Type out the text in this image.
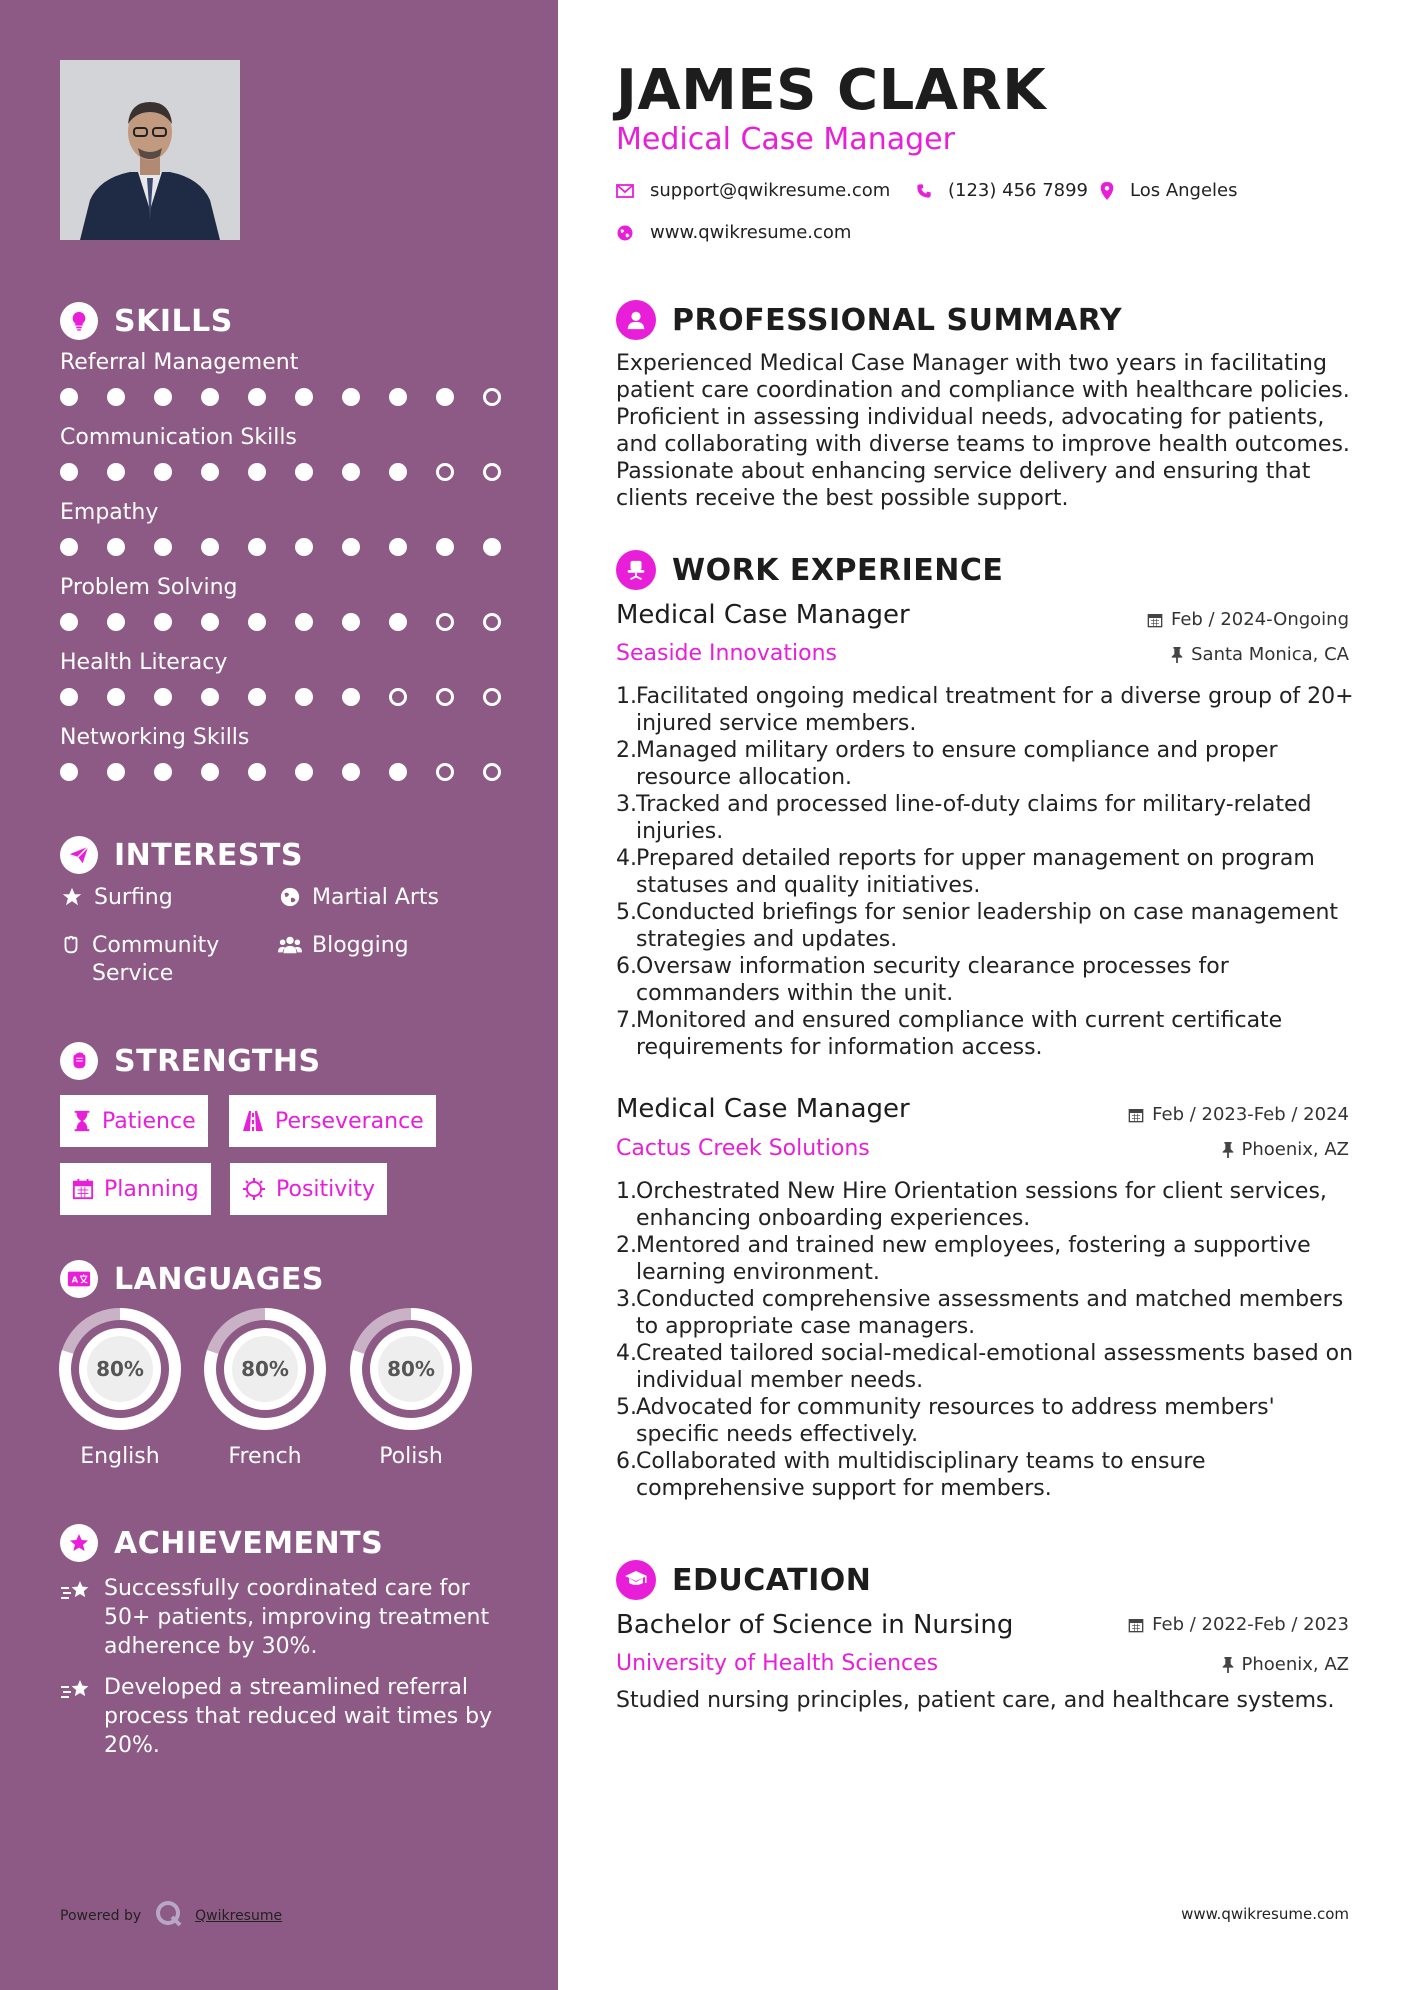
SKILLS
Referral Management
Communication Skills
Empathy
Problem Solving
Health Literacy
Networking Skills
INTERESTS
Surfing	Martial Arts
Community Service
Blogging
STRENGTHS
Patience	Perseverance
Planning	Positivity
A LANGUAGES
80%
English
80%
French
80%
Polish
ACHIEVEMENTS
Successfully coordinated care for 50+ patients, improving treatment adherence by 30%.
Developed a streamlined referral process that reduced wait times by 20%.
Powered by	Qwikresume
JAMES CLARK
Medical Case Manager
support@qwikresume.com	(123) 456 7899 Los Angeles
www.qwikresume.com
PROFESSIONAL SUMMARY
Experienced Medical Case Manager with two years in facilitating patient care coordination and compliance with healthcare policies. Proficient in assessing individual needs, advocating for patients, and collaborating with diverse teams to improve health outcomes. Passionate about enhancing service delivery and ensuring that clients receive the best possible support.
WORK EXPERIENCE
Medical Case Manager	Feb / 2024-Ongoing
Seaside Innovations	Santa Monica, CA
1. Facilitated ongoing medical treatment for a diverse group of 20+ injured service members.
2. Managed military orders to ensure compliance and proper resource allocation.
3. Tracked and processed line-of-duty claims for military-related injuries.
4. Prepared detailed reports for upper management on program statuses and quality initiatives.
5. Conducted briefings for senior leadership on case management strategies and updates.
6. Oversaw information security clearance processes for commanders within the unit.
7. Monitored and ensured compliance with current certificate requirements for information access.
Medical Case Manager	Feb / 2023-Feb / 2024
Cactus Creek Solutions	Phoenix, AZ
1. Orchestrated New Hire Orientation sessions for client services, enhancing onboarding experiences.
2. Mentored and trained new employees, fostering a supportive learning environment.
3. Conducted comprehensive assessments and matched members to appropriate case managers.
4. Created tailored social-medical-emotional assessments based on individual member needs.
5. Advocated for community resources to address members' specific needs effectively.
6. Collaborated with multidisciplinary teams to ensure comprehensive support for members.
EDUCATION
Bachelor of Science in Nursing	Feb / 2022-Feb / 2023
University of Health Sciences	Phoenix, AZ
Studied nursing principles, patient care, and healthcare systems.
www.qwikresume.com
